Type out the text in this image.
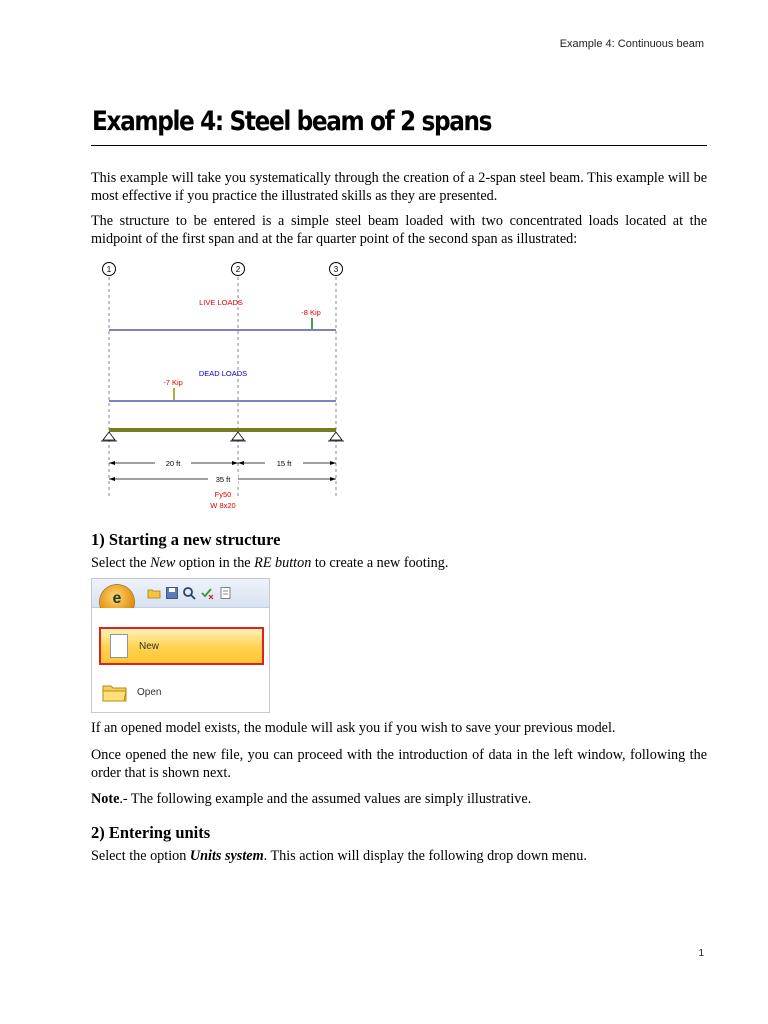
Example 4: Continuous beam
Example 4: Steel beam of 2 spans

This example will take you systematically through the creation of a 2-span steel beam. This example will be most effective if you practice the illustrated skills as they are presented.

The structure to be entered is a simple steel beam loaded with two concentrated loads located at the midpoint of the first span and at the far quarter point of the second span as illustrated:

1	2	3
LIVE LOADS
-8 Kip
DEAD LOADS
-7 Kip
20 ft	15 ft
35 ft
Fy50
W 8x20
1) Starting a new structure

Select the New option in the RE button to create a new footing.

e
New
Open

If an opened model exists, the module will ask you if you wish to save your previous model.

Once opened the new file, you can proceed with the introduction of data in the left window, following the order that is shown next.

Note.- The following example and the assumed values are simply illustrative.

2) Entering units

Select the option Units system. This action will display the following drop down menu.

1
